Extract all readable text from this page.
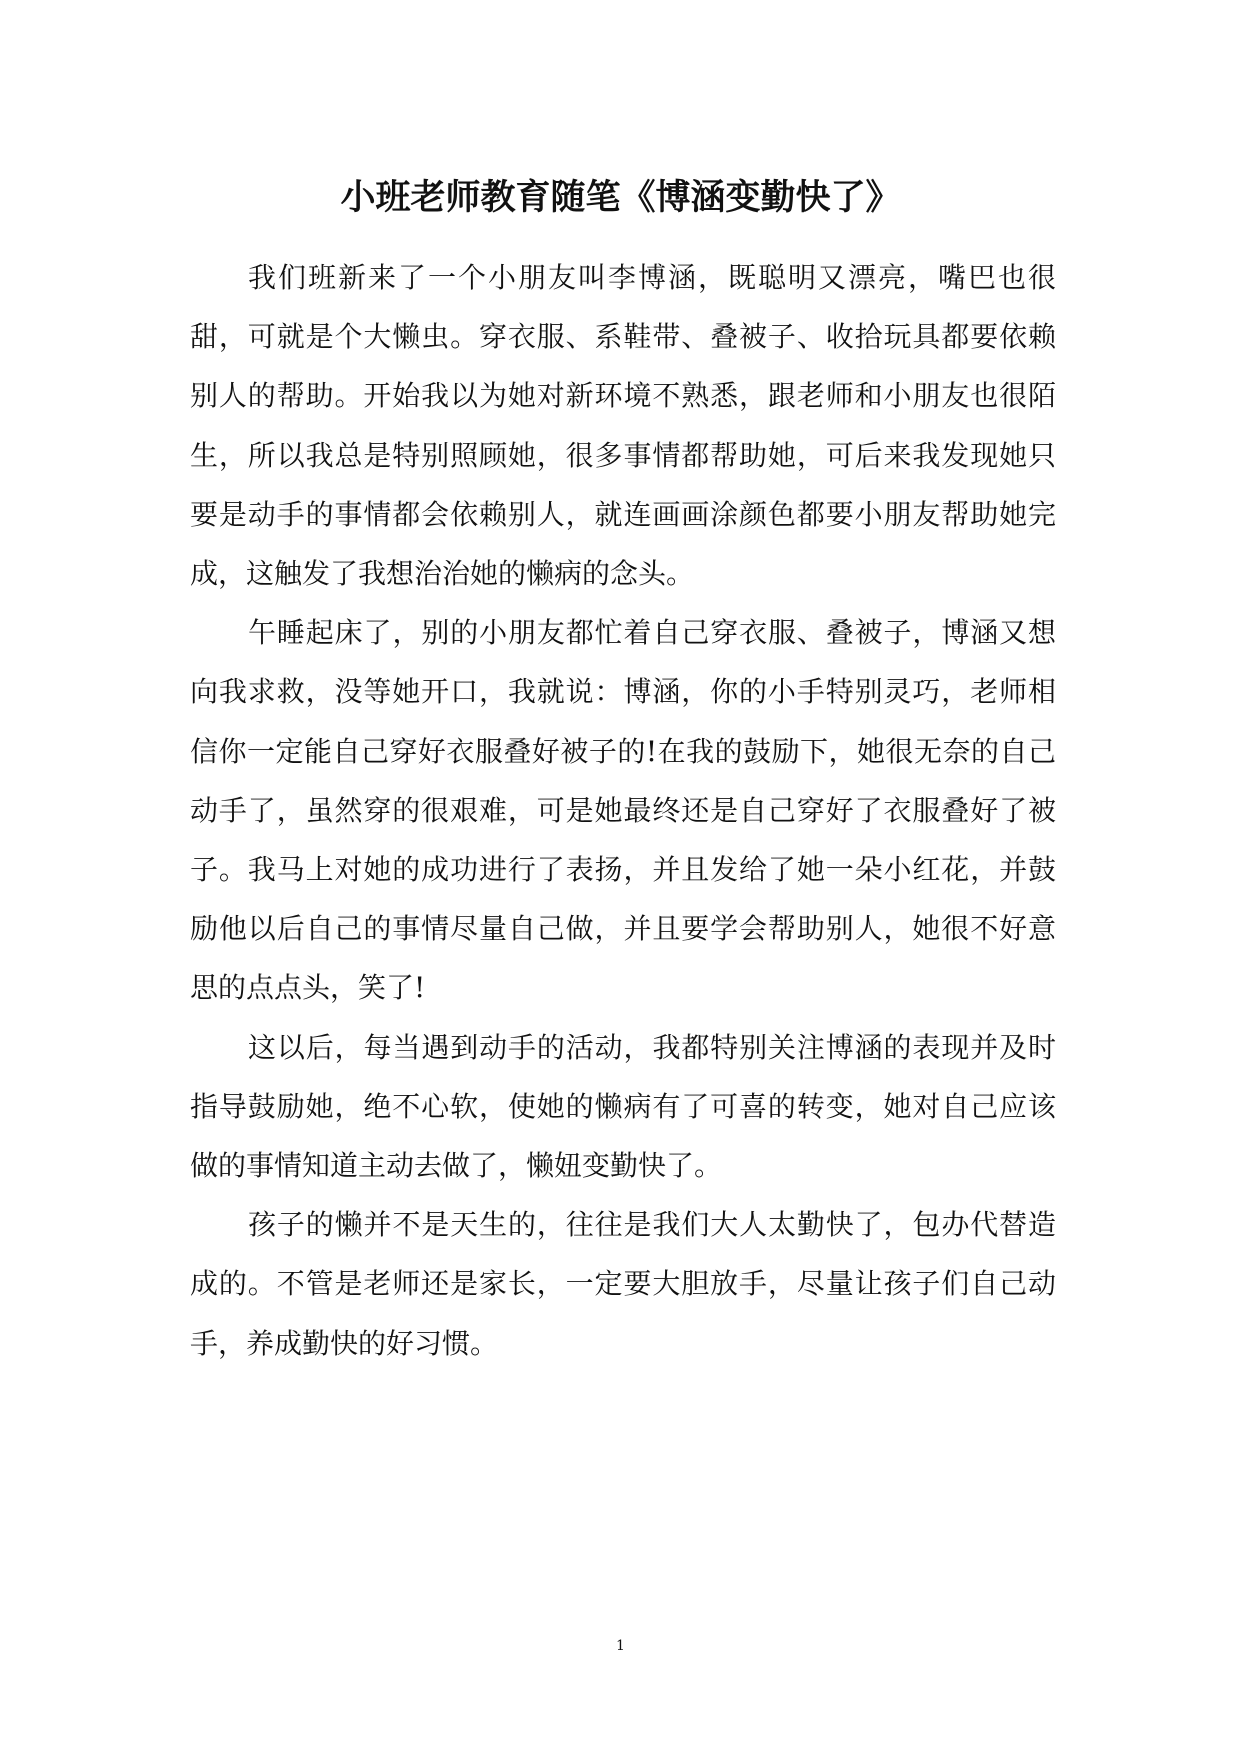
小班老师教育随笔《博涵变勤快了》

我们班新来了一个小朋友叫李博涵，既聪明又漂亮，嘴巴也很甜，可就是个大懒虫。穿衣服、系鞋带、叠被子、收拾玩具都要依赖别人的帮助。开始我以为她对新环境不熟悉，跟老师和小朋友也很陌生，所以我总是特别照顾她，很多事情都帮助她，可后来我发现她只要是动手的事情都会依赖别人，就连画画涂颜色都要小朋友帮助她完成，这触发了我想治治她的懒病的念头。

午睡起床了，别的小朋友都忙着自己穿衣服、叠被子，博涵又想向我求救，没等她开口，我就说：博涵，你的小手特别灵巧，老师相信你一定能自己穿好衣服叠好被子的!在我的鼓励下，她很无奈的自己动手了，虽然穿的很艰难，可是她最终还是自己穿好了衣服叠好了被子。我马上对她的成功进行了表扬，并且发给了她一朵小红花，并鼓励他以后自己的事情尽量自己做，并且要学会帮助别人，她很不好意思的点点头，笑了!

这以后，每当遇到动手的活动，我都特别关注博涵的表现并及时指导鼓励她，绝不心软，使她的懒病有了可喜的转变，她对自己应该做的事情知道主动去做了，懒妞变勤快了。

孩子的懒并不是天生的，往往是我们大人太勤快了，包办代替造成的。不管是老师还是家长，一定要大胆放手，尽量让孩子们自己动手，养成勤快的好习惯。

1
